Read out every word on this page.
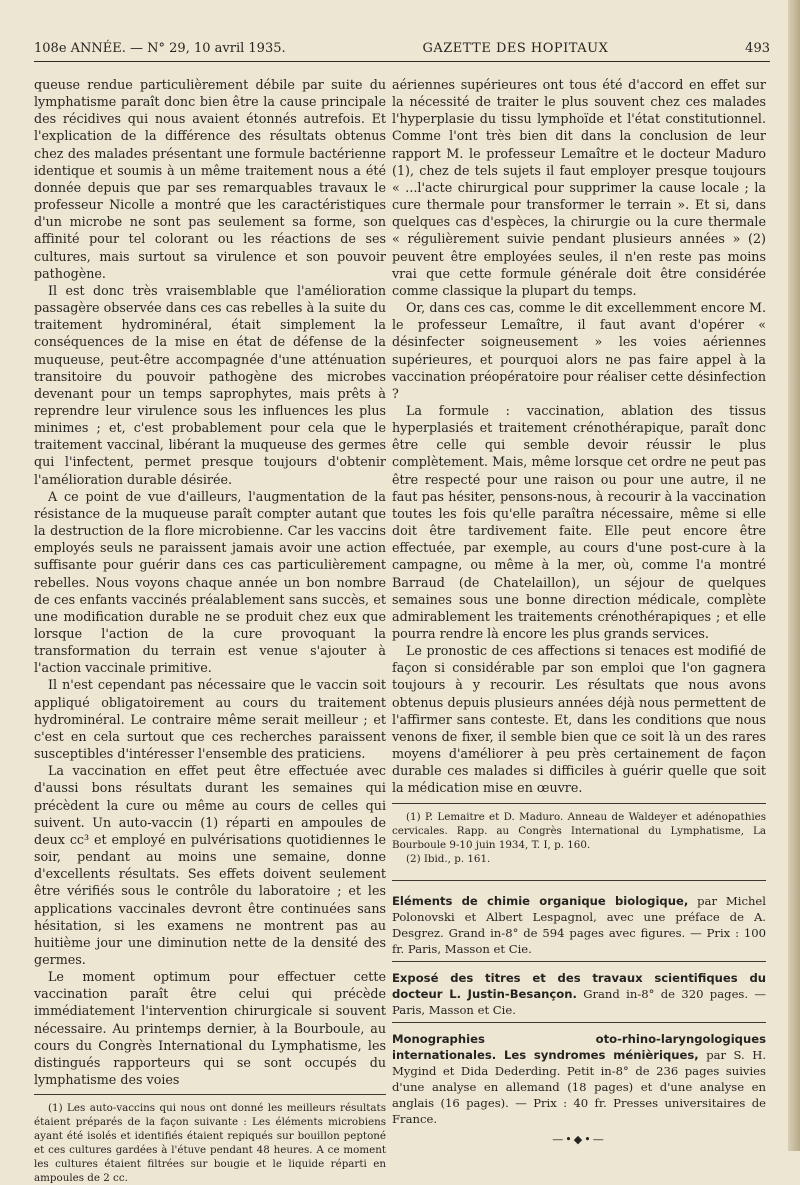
108e ANNÉE. — N° 29, 10 avril 1935.	GAZETTE DES HOPITAUX	493

queuse rendue particulièrement débile par suite du lymphatisme paraît donc bien être la cause principale des récidives qui nous avaient étonnés autrefois. Et l'explication de la différence des résultats obtenus chez des malades présentant une formule bactérienne identique et soumis à un même traitement nous a été donnée depuis que par ses remarquables travaux le professeur Nicolle a montré que les caractéristiques d'un microbe ne sont pas seulement sa forme, son affinité pour tel colorant ou les réactions de ses cultures, mais surtout sa virulence et son pouvoir pathogène.

Il est donc très vraisemblable que l'amélioration passagère observée dans ces cas rebelles à la suite du traitement hydrominéral, était simplement la conséquences de la mise en état de défense de la muqueuse, peut-être accompagnée d'une atténuation transitoire du pouvoir pathogène des microbes devenant pour un temps saprophytes, mais prêts à reprendre leur virulence sous les influences les plus minimes ; et, c'est probablement pour cela que le traitement vaccinal, libérant la muqueuse des germes qui l'infectent, permet presque toujours d'obtenir l'amélioration durable désirée.

A ce point de vue d'ailleurs, l'augmentation de la résistance de la muqueuse paraît compter autant que la destruction de la flore microbienne. Car les vaccins employés seuls ne paraissent jamais avoir une action suffisante pour guérir dans ces cas particulièrement rebelles. Nous voyons chaque année un bon nombre de ces enfants vaccinés préalablement sans succès, et une modification durable ne se produit chez eux que lorsque l'action de la cure provoquant la transformation du terrain est venue s'ajouter à l'action vaccinale primitive.

Il n'est cependant pas nécessaire que le vaccin soit appliqué obligatoirement au cours du traitement hydrominéral. Le contraire même serait meilleur ; et c'est en cela surtout que ces recherches paraissent susceptibles d'intéresser l'ensemble des praticiens.

La vaccination en effet peut être effectuée avec d'aussi bons résultats durant les semaines qui précèdent la cure ou même au cours de celles qui suivent. Un auto-vaccin (1) réparti en ampoules de deux cc³ et employé en pulvérisations quotidiennes le soir, pendant au moins une semaine, donne d'excellents résultats. Ses effets doivent seulement être vérifiés sous le contrôle du laboratoire ; et les applications vaccinales devront être continuées sans hésitation, si les examens ne montrent pas au huitième jour une diminution nette de la densité des germes.

Le moment optimum pour effectuer cette vaccination paraît être celui qui précède immédiatement l'intervention chirurgicale si souvent nécessaire. Au printemps dernier, à la Bourboule, au cours du Congrès International du Lymphatisme, les distingués rapporteurs qui se sont occupés du lymphatisme des voies

(1) Les auto-vaccins qui nous ont donné les meilleurs résultats étaient préparés de la façon suivante : Les éléments microbiens ayant été isolés et identifiés étaient repiqués sur bouillon peptoné et ces cultures gardées à l'étuve pendant 48 heures. A ce moment les cultures étaient filtrées sur bougie et le liquide réparti en ampoules de 2 cc.

aériennes supérieures ont tous été d'accord en effet sur la nécessité de traiter le plus souvent chez ces malades l'hyperplasie du tissu lymphoïde et l'état constitutionnel. Comme l'ont très bien dit dans la conclusion de leur rapport M. le professeur Lemaître et le docteur Maduro (1), chez de tels sujets il faut employer presque toujours « ...l'acte chirurgical pour supprimer la cause locale ; la cure thermale pour transformer le terrain ». Et si, dans quelques cas d'espèces, la chirurgie ou la cure thermale « régulièrement suivie pendant plusieurs années » (2) peuvent être employées seules, il n'en reste pas moins vrai que cette formule générale doit être considérée comme classique la plupart du temps.

Or, dans ces cas, comme le dit excellemment encore M. le professeur Lemaître, il faut avant d'opérer « désinfecter soigneusement » les voies aériennes supérieures, et pourquoi alors ne pas faire appel à la vaccination préopératoire pour réaliser cette désinfection ?

La formule : vaccination, ablation des tissus hyperplasiés et traitement crénothérapique, paraît donc être celle qui semble devoir réussir le plus complètement. Mais, même lorsque cet ordre ne peut pas être respecté pour une raison ou pour une autre, il ne faut pas hésiter, pensons-nous, à recourir à la vaccination toutes les fois qu'elle paraîtra nécessaire, même si elle doit être tardivement faite. Elle peut encore être effectuée, par exemple, au cours d'une post-cure à la campagne, ou même à la mer, où, comme l'a montré Barraud (de Chatelaillon), un séjour de quelques semaines sous une bonne direction médicale, complète admirablement les traitements crénothérapiques ; et elle pourra rendre là encore les plus grands services.

Le pronostic de ces affections si tenaces est modifié de façon si considérable par son emploi que l'on gagnera toujours à y recourir. Les résultats que nous avons obtenus depuis plusieurs années déjà nous permettent de l'affirmer sans conteste. Et, dans les conditions que nous venons de fixer, il semble bien que ce soit là un des rares moyens d'améliorer à peu près certainement de façon durable ces malades si difficiles à guérir quelle que soit la médication mise en œuvre.

(1) P. Lemaitre et D. Maduro. Anneau de Waldeyer et adénopathies cervicales. Rapp. au Congrès International du Lymphatisme, La Bourboule 9-10 juin 1934, T. I, p. 160.

(2) Ibid., p. 161.

Eléments de chimie organique biologique, par Michel Polonovski et Albert Lespagnol, avec une préface de A. Desgrez. Grand in-8° de 594 pages avec figures. — Prix : 100 fr. Paris, Masson et Cie.

Exposé des titres et des travaux scientifiques du docteur L. Justin-Besançon. Grand in-8° de 320 pages. — Paris, Masson et Cie.

Monographies oto-rhino-laryngologiques internationales. Les syndromes ménièriques, par S. H. Mygind et Dida Dederding. Petit in-8° de 236 pages suivies d'une analyse en allemand (18 pages) et d'une analyse en anglais (16 pages). — Prix : 40 fr. Presses universitaires de France.

—•◆•—
